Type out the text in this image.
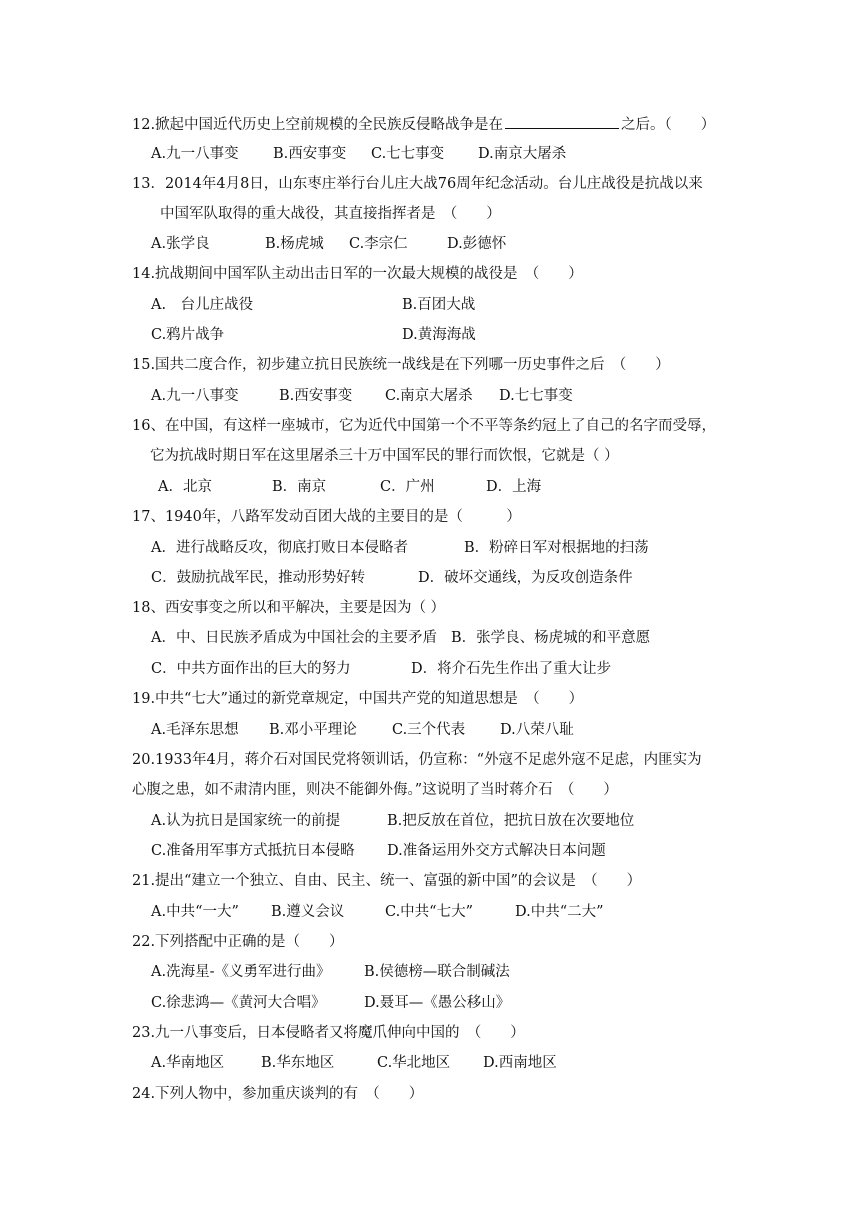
12.掀起中国近代历史上空前规模的全民族反侵略战争是在	之后。（　　）
A.九一八事变 B.西安事变 C.七七事变 D.南京大屠杀
13．2014年4月8日，山东枣庄举行台儿庄大战76周年纪念活动。台儿庄战役是抗战以来
中国军队取得的重大战役，其直接指挥者是　（　　）
A.张学良	B.杨虎城 C.李宗仁	D.彭德怀
14.抗战期间中国军队主动出击日军的一次最大规模的战役是　（　　）
A.　台儿庄战役	B.百团大战
C.鸦片战争	D.黄海海战
15.国共二度合作，初步建立抗日民族统一战线是在下列哪一历史事件之后　（　　）
A.九一八事变	B.西安事变 C.南京大屠杀 D.七七事变
16、在中国，有这样一座城市，它为近代中国第一个不平等条约冠上了自己的名字而受辱，
它为抗战时期日军在这里屠杀三十万中国军民的罪行而饮恨，它就是（ ）
A．北京	B．南京	C．广州	D．上海
17、1940年，八路军发动百团大战的主要目的是（　　　）
A．进行战略反攻，彻底打败日本侵略者	B．粉碎日军对根据地的扫荡
C．鼓励抗战军民，推动形势好转	D．破坏交通线，为反攻创造条件
18、西安事变之所以和平解决，主要是因为（ ）
A．中、日民族矛盾成为中国社会的主要矛盾 B．张学良、杨虎城的和平意愿
C．中共方面作出的巨大的努力	D．将介石先生作出了重大让步
19.中共“七大”通过的新党章规定，中国共产党的知道思想是　（　　）
A.毛泽东思想 B.邓小平理论 C.三个代表 D.八荣八耻
20.1933年4月，蒋介石对国民党将领训话，仍宣称：“外寇不足虑外寇不足虑，内匪实为
心腹之患，如不肃清内匪，则决不能御外侮。”这说明了当时蒋介石　（　　）
A.认为抗日是国家统一的前提	B.把反放在首位，把抗日放在次要地位
C.准备用军事方式抵抗日本侵略 D.准备运用外交方式解决日本问题
21.提出“建立一个独立、自由、民主、统一、富强的新中国”的会议是　（　　）
A.中共“一大” B.遵义会议	C.中共“七大”	D.中共“二大”
22.下列搭配中正确的是（　　）
A.冼海星-《义勇军进行曲》 B.侯德榜—联合制碱法
C.徐悲鸿—《黄河大合唱》	D.聂耳—《愚公移山》
23.九一八事变后，日本侵略者又将魔爪伸向中国的　（　　）
A.华南地区	B.华东地区	C.华北地区 D.西南地区
24.下列人物中，参加重庆谈判的有　（　　）
